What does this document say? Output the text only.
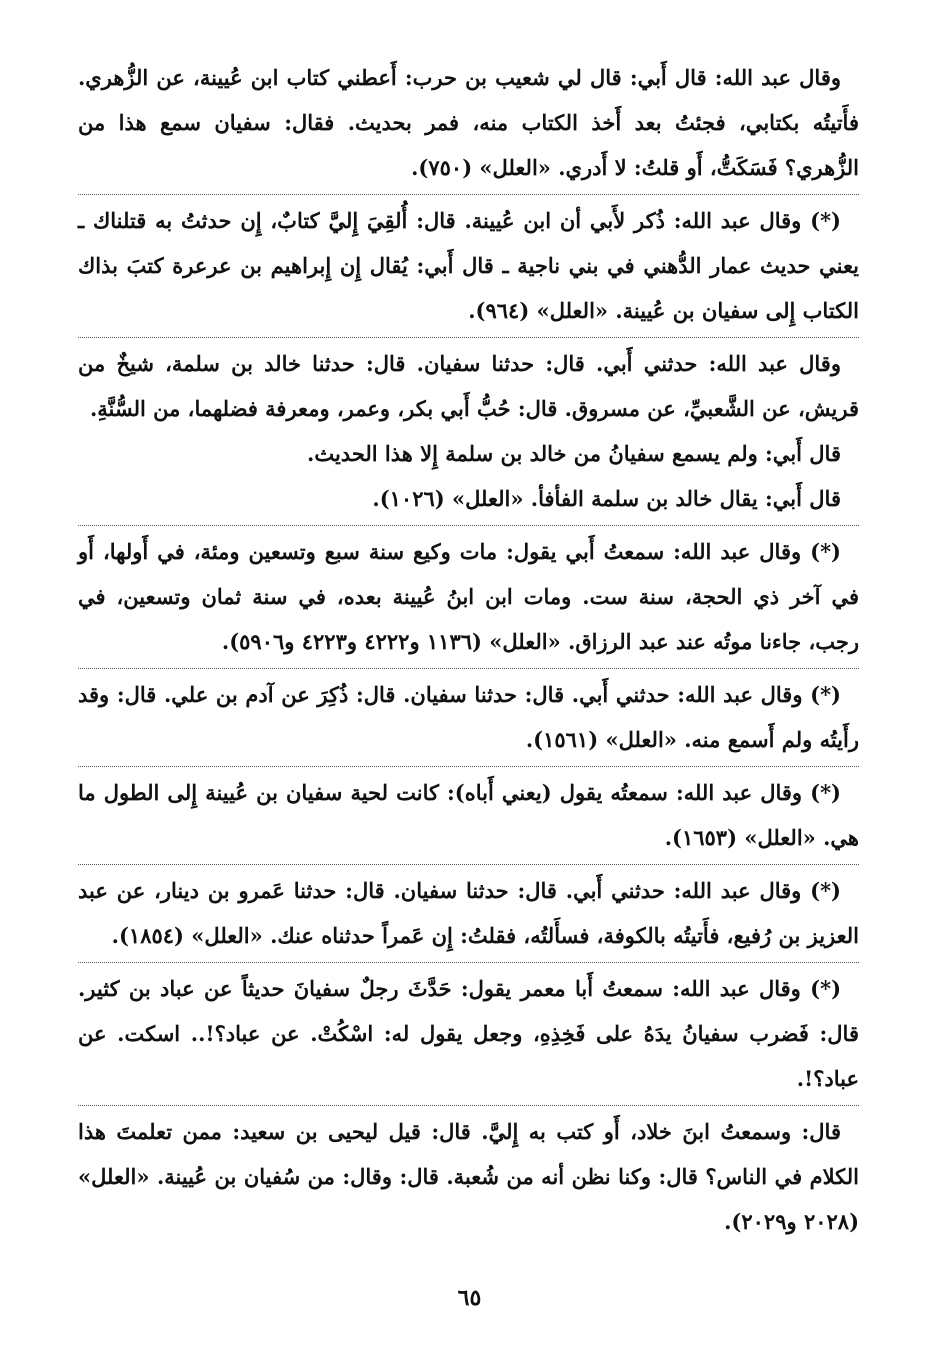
وقال عبد الله: قال أَبي: قال لي شعيب بن حرب: أَعطني كتاب ابن عُيينة، عن الزُّهري. فأَتيتُه بكتابي، فجئتُ بعد أَخذ الكتاب منه، فمر بحديث. فقال: سفيان سمع هذا من الزُّهري؟ فَسَكَتُّ، أَو قلتُ: لا أَدري. «العلل» (٧٥٠).

(*) وقال عبد الله: ذُكر لأَبي أن ابن عُيينة. قال: أُلقِيَ إِليَّ كتابٌ، إِن حدثتُ به قتلناك ـ يعني حديث عمار الدُّهني في بني ناجية ـ قال أَبي: يُقال إِن إِبراهيم بن عرعرة كتبَ بذاك الكتاب إِلى سفيان بن عُيينة. «العلل» (٩٦٤).

وقال عبد الله: حدثني أَبي. قال: حدثنا سفيان. قال: حدثنا خالد بن سلمة، شيخٌ من قريش، عن الشَّعبيِّ، عن مسروق. قال: حُبُّ أَبي بكر، وعمر، ومعرفة فضلهما، من السُّنَّةِ.

قال أَبي: ولم يسمع سفيانُ من خالد بن سلمة إِلا هذا الحديث.

قال أَبي: يقال خالد بن سلمة الفأفأ. «العلل» (١٠٢٦).

(*) وقال عبد الله: سمعتُ أَبي يقول: مات وكيع سنة سبع وتسعين ومئة، في أَولها، أَو في آخر ذي الحجة، سنة ست. ومات ابن ابنُ عُيينة بعده، في سنة ثمان وتسعين، في رجب، جاءنا موتُه عند عبد الرزاق. «العلل» (١١٣٦ و٤٢٢٢ و٤٢٢٣ و٥٩٠٦).

(*) وقال عبد الله: حدثني أَبي. قال: حدثنا سفيان. قال: ذُكِرَ عن آدم بن علي. قال: وقد رأَيتُه ولم أَسمع منه. «العلل» (١٥٦١).

(*) وقال عبد الله: سمعتُه يقول (يعني أَباه): كانت لحية سفيان بن عُيينة إِلى الطول ما هي. «العلل» (١٦٥٣).

(*) وقال عبد الله: حدثني أَبي. قال: حدثنا سفيان. قال: حدثنا عَمرو بن دينار، عن عبد العزيز بن رُفيع، فأَتيتُه بالكوفة، فسأَلتُه، فقلتُ: إِن عَمراً حدثناه عنك. «العلل» (١٨٥٤).

(*) وقال عبد الله: سمعتُ أَبا معمر يقول: حَدَّثَ رجلٌ سفيانَ حديثاً عن عباد بن كثير. قال: فَضرب سفيانُ يدَهُ على فَخِذِهِ، وجعل يقول له: اسْكُتْ. عن عباد؟!.. اسكت. عن عباد؟!.

قال: وسمعتُ ابنَ خلاد، أَو كتب به إِليَّ. قال: قيل ليحيى بن سعيد: ممن تعلمتَ هذا الكلام في الناس؟ قال: وكنا نظن أنه من شُعبة. قال: وقال: من سُفيان بن عُيينة. «العلل» (٢٠٢٨ و٢٠٢٩).

٦٥
